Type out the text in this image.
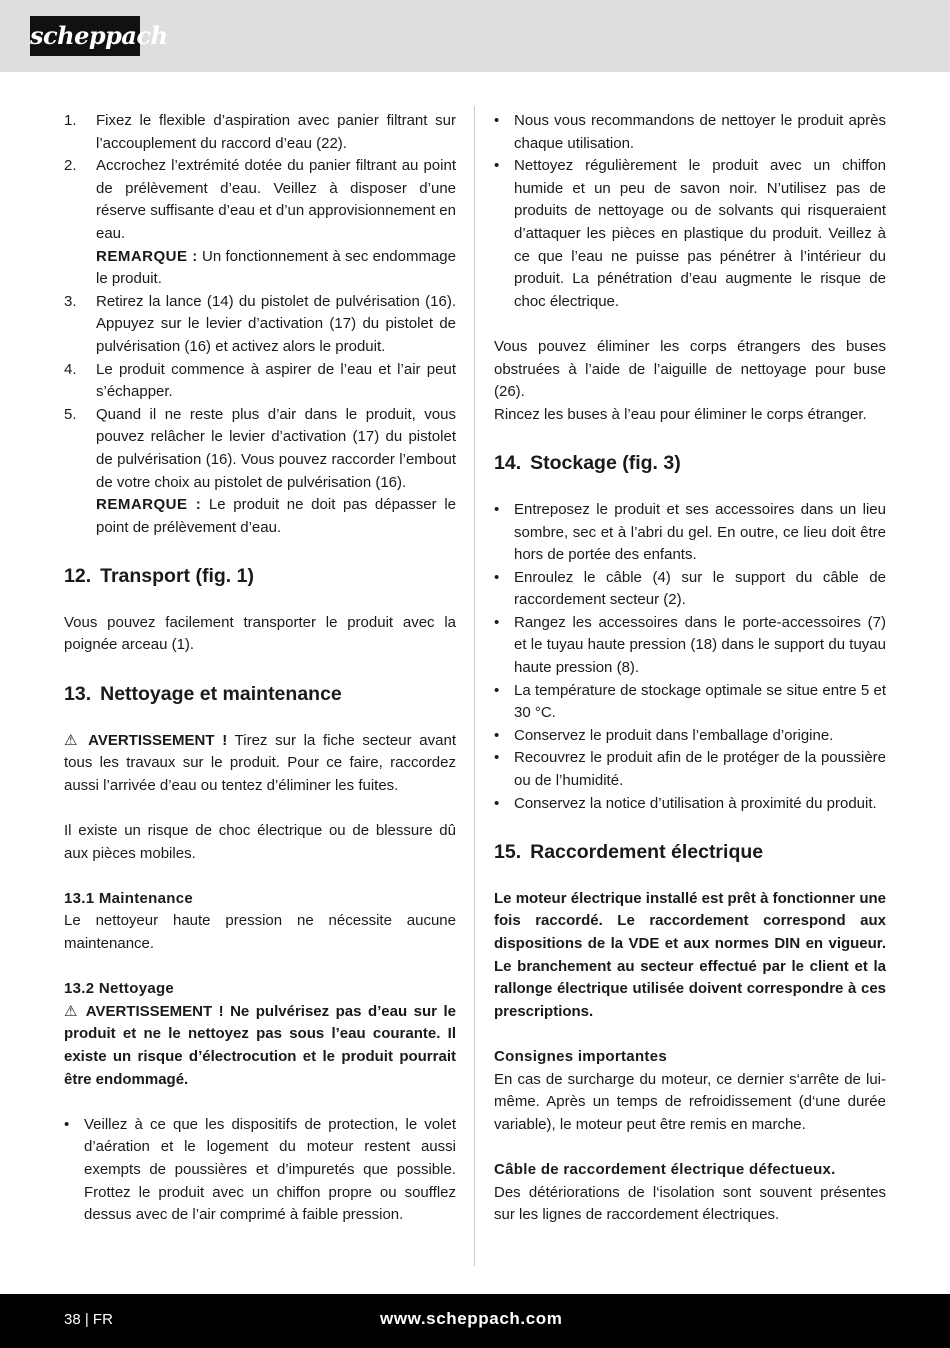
scheppach
1. Fixez le flexible d’aspiration avec panier filtrant sur l’accouplement du raccord d’eau (22).
2. Accrochez l’extrémité dotée du panier filtrant au point de prélèvement d’eau. Veillez à disposer d’une réserve suffisante d’eau et d’un approvisionnement en eau.
REMARQUE : Un fonctionnement à sec endommage le produit.
3. Retirez la lance (14) du pistolet de pulvérisation (16). Appuyez sur le levier d’activation (17) du pistolet de pulvérisation (16) et activez alors le produit.
4. Le produit commence à aspirer de l’eau et l’air peut s’échapper.
5. Quand il ne reste plus d’air dans le produit, vous pouvez relâcher le levier d’activation (17) du pistolet de pulvérisation (16). Vous pouvez raccorder l’embout de votre choix au pistolet de pulvérisation (16).
REMARQUE : Le produit ne doit pas dépasser le point de prélèvement d’eau.
12. Transport (fig. 1)

Vous pouvez facilement transporter le produit avec la poignée arceau (1).

13. Nettoyage et maintenance

⚠ AVERTISSEMENT ! Tirez sur la fiche secteur avant tous les travaux sur le produit. Pour ce faire, raccordez aussi l’arrivée d’eau ou tentez d’éliminer les fuites.

Il existe un risque de choc électrique ou de blessure dû aux pièces mobiles.

13.1 Maintenance

Le nettoyeur haute pression ne nécessite aucune maintenance.

13.2 Nettoyage

⚠ AVERTISSEMENT ! Ne pulvérisez pas d’eau sur le produit et ne le nettoyez pas sous l’eau courante. Il existe un risque d’électrocution et le produit pourrait être endommagé.

• Veillez à ce que les dispositifs de protection, le volet d’aération et le logement du moteur restent aussi exempts de poussières et d’impuretés que possible. Frottez le produit avec un chiffon propre ou soufflez dessus avec de l’air comprimé à faible pression.
• Nous vous recommandons de nettoyer le produit après chaque utilisation.
• Nettoyez régulièrement le produit avec un chiffon humide et un peu de savon noir. N’utilisez pas de produits de nettoyage ou de solvants qui risqueraient d’attaquer les pièces en plastique du produit. Veillez à ce que l’eau ne puisse pas pénétrer à l’intérieur du produit. La pénétration d’eau augmente le risque de choc électrique.

Vous pouvez éliminer les corps étrangers des buses obstruées à l’aide de l’aiguille de nettoyage pour buse (26).

Rincez les buses à l’eau pour éliminer le corps étranger.

14. Stockage (fig. 3)
• Entreposez le produit et ses accessoires dans un lieu sombre, sec et à l’abri du gel. En outre, ce lieu doit être hors de portée des enfants.
• Enroulez le câble (4) sur le support du câble de raccordement secteur (2).
• Rangez les accessoires dans le porte-accessoires (7) et le tuyau haute pression (18) dans le support du tuyau haute pression (8).
• La température de stockage optimale se situe entre 5 et 30 °C.
• Conservez le produit dans l’emballage d’origine.
• Recouvrez le produit afin de le protéger de la poussière ou de l’humidité.
• Conservez la notice d’utilisation à proximité du produit.
15. Raccordement électrique

Le moteur électrique installé est prêt à fonctionner une fois raccordé. Le raccordement correspond aux dispositions de la VDE et aux normes DIN en vigueur. Le branchement au secteur effectué par le client et la rallonge électrique utilisée doivent correspondre à ces prescriptions.

Consignes importantes

En cas de surcharge du moteur, ce dernier s‘arrête de lui-même. Après un temps de refroidissement (d‘une durée variable), le moteur peut être remis en marche.

Câble de raccordement électrique défectueux.

Des détériorations de l‘isolation sont souvent présentes sur les lignes de raccordement électriques.

38 | FR	www.scheppach.com
